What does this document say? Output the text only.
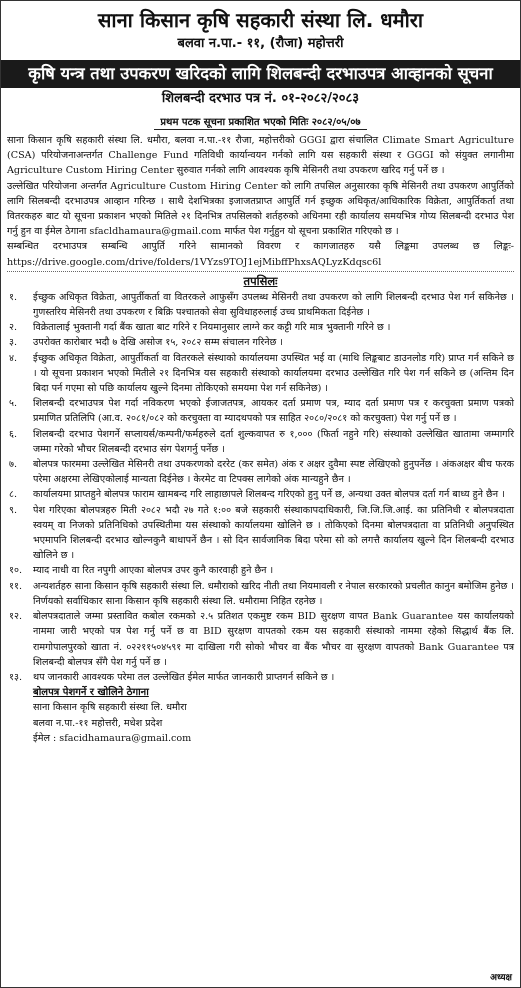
साना किसान कृषि सहकारी संस्था लि. धमौरा
बलवा न.पा.- ११, (रौजा) महोत्तरी
कृषि यन्त्र तथा उपकरण खरिदको लागि शिलबन्दी दरभाउपत्र आव्हानको सूचना
शिलबन्दी दरभाउ पत्र नं. ०१-२०८२/२०८३
प्रथम पटक सूचना प्रकाशित भएको मितिः २०८२/०५/०७

साना किसान कृषि सहकारी संस्था लि. धमौरा, बलवा न.पा.-११ रौजा, महोत्तरीको GGGI द्वारा संचालित Climate Smart Agriculture (CSA) परियोजनाअन्तर्गत Challenge Fund गतिविधी कार्यान्वयन गर्नको लागि यस सहकारी संस्था र GGGI को संयुक्त लगानीमा Agriculture Custom Hiring Center सुरुवात गर्नको लागि आवश्यक कृषि मेसिनरी तथा उपकरण खरिद गर्नु पर्ने छ ।

उल्लेखित परियोजना अन्तर्गत Agriculture Custom Hiring Center को लागि तपसिल अनुसारका कृषि मेसिनरी तथा उपकरण आपुर्तिको लागि सिलबन्दी दरभाउपत्र आव्हान गरिन्छ । साथै देशभित्रका इजाजतप्राप्त आपुर्ति गर्न इच्छुक अधिकृत/आधिकारिक विक्रेता, आपुर्तिकर्ता तथा वितरकहरु बाट यो सूचना प्रकाशन भएको मितिले २१ दिनभित्र तपसिलको शर्तहरुको अधिनमा रही कार्यालय समयभित्र गोप्य सिलबन्दी दरभाउ पेश गर्नु हुन वा ईमेल ठेगाना sfacldhamaura@gmail.com मार्फत पेश गर्नुहुन यो सूचना प्रकाशित गरिएको छ ।

सम्बन्धित दरभाउपत्र सम्बन्धि आपुर्ति गरिने सामानको विवरण र कागजातहरु यसै लिङ्कमा उपलब्ध छ लिङ्कः- https://drive.google.com/drive/folders/1VYzs9TOJ1ejMibffPhxsAQLyzKdqsc6l

तपसिलः
१.	ईच्छुक अधिकृत विक्रेता, आपुर्तीकर्ता वा वितरकले आफुसँग उपलब्ध मेसिनरी तथा उपकरण को लागि शिलबन्दी दरभाउ पेश गर्न सकिनेछ । गुणस्तरिय मेसिनरी तथा उपकरण र बिक्रि पश्चातको सेवा सुविधाहरुलाई उच्च प्राथमिकता दिईनेछ ।
२.	विक्रेतालाई भुक्तानी गर्दा बैंक खाता बाट गरिने र नियमानुसार लाग्ने कर कट्टी गरि मात्र भुक्तानी गरिने छ ।
३.	उपरोक्त कारोबार भदौ ७ देखि असोज १५, २०८२ सम्म संचालन गरिनेछ ।
४.	ईच्छुक अधिकृत विक्रेता, आपुर्तीकर्ता वा वितरकले संस्थाको कार्यालयमा उपस्थित भई वा (माथि लिङ्कबाट डाउनलोड गरि) प्राप्त गर्न सकिने छ । यो सूचना प्रकाशन भएको मितीले २१ दिनभित्र यस सहकारी संस्थाको कार्यालयमा दरभाउ उल्लेखित गरि पेश गर्न सकिने छ (अन्तिम दिन बिदा पर्न गएमा सो पछि कार्यालय खुल्ने दिनमा तोकिएको समयमा पेश गर्न सकिनेछ) ।
५.	शिलबन्दी दरभाउपत्र पेश गर्दा नविकरण भएको ईजाजतपत्र, आयकर दर्ता प्रमाण पत्र, म्याद दर्ता प्रमाण पत्र र करचुक्ता प्रमाण पत्रको प्रमाणित प्रतिलिपि (आ.व. २०८१/०८२ को करचुक्ता वा म्यादथपको पत्र साहित २०८०/२०८१ को करचुक्ता) पेश गर्नु पर्ने छ ।
६.	शिलबन्दी दरभाउ पेशगर्ने सप्लायर्स/कम्पनी/फर्महरुले दर्ता शुल्कवापत रु १,००० (फिर्ता नहुने गरि) संस्थाको उल्लेखित खातामा जम्मागरि जम्मा गरेको भौचर शिलबन्दी दरभाउ संग पेशगर्नु पर्नेछ ।
७.	बोलपत्र फारममा उल्लेखित मेसिनरी तथा उपकरणको दररेट (कर समेत) अंक र अक्षर दुवैमा स्पष्ट लेखिएको हुनुपर्नेछ । अंकअक्षर बीच फरक परेमा अक्षरमा लेखिएकोलाई मान्यता दिईनेछ । केरमेट वा टिपक्स लागेको अंक मान्यहुने छैन ।
८.	कार्यालयमा प्राप्तहुने बोलपत्र फाराम खामबन्द गरि लाहाछापले शिलबन्द गरिएको हुनु पर्ने छ, अन्यथा उक्त बोलपत्र दर्ता गर्न बाध्य हुने छैन ।
९.	पेश गरिएका बोलपत्रहरु मिती २०८२ भदौ २७ गते १:०० बजे सहकारी संस्थाकापदाधिकारी, जि.जि.जि.आई. का प्रतिनिधी र बोलपत्रदाता स्वयम् वा निजको प्रतिनिधिको उपस्थितीमा यस संस्थाको कार्यालयमा खोलिने छ । तोकिएको दिनमा बोलपत्रदाता वा प्रतिनिधी अनुपस्थित भएमापनि शिलबन्दी दरभाउ खोल्नकुनै बाधापर्ने छैन । सो दिन सार्वजानिक बिदा परेमा सो को लगत्तै कार्यालय खुल्ने दिन शिलबन्दी दरभाउ खोलिने छ ।
१०.	म्याद नाधी वा रित नपुगी आएका बोलपत्र उपर कुनै कारवाही हुने छैन ।
११.	अन्यशर्तहरु साना किसान कृषि सहकारी संस्था लि. धमौराको खरिद नीती तथा नियमावली र नेपाल सरकारको प्रचलीत कानुन बमोजिम हुनेछ । निर्णयको सर्वाधिकार साना किसान कृषि सहकारी संस्था लि. धमौरामा निहित रहनेछ ।
१२.	बोलपत्रदाताले जम्मा प्रस्तावित कबोल रकमको २.५ प्रतिशत एकमुष्ट रकम BID सुरक्षण वापत Bank Guarantee यस कार्यालयको नाममा जारी भएको पत्र पेश गर्नु पर्ने छ वा BID सुरक्षण वापतको रकम यस सहकारी संस्थाको नाममा रहेको सिद्धार्थ बैंक लि. रामगोपालपुरको खाता नं. ०२२११५०४५९१ मा दाखिला गरी सोको भौचर वा बैंक भौचर वा सुरक्षण वापतको Bank Guarantee पत्र शिलबन्दी बोलपत्र सँगै पेश गर्नु पर्ने छ ।
१३.	थप जानकारी आवश्यक परेमा तल उल्लेखित ईमेल मार्फत जानकारी प्राप्तगर्न सकिने छ ।
बोलपत्र पेशगर्ने र खोलिने ठेगाना
साना किसान कृषि सहकारी संस्था लि. धमौरा
बलवा न.पा.-११ महोत्तरी, मधेश प्रदेश
ईमेल : sfacidhamaura@gmail.com
अध्यक्ष
